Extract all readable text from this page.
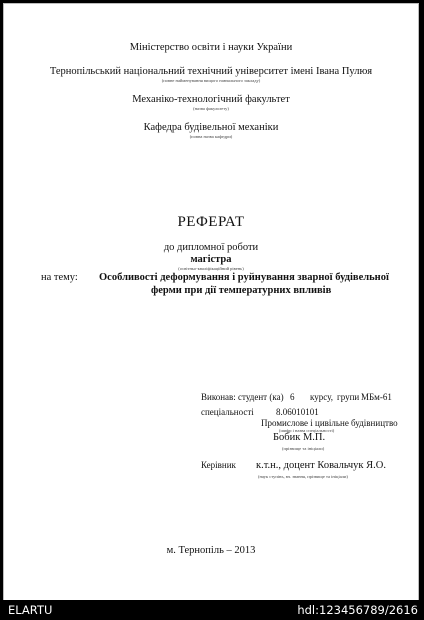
Міністерство освіти і науки України
Тернопільський національний технічний університет імені Івана Пулюя
(повне найменування вищого навчального закладу)
Механіко-технологічний факультет
(назва факультету)
Кафедра будівельної механіки
(повна назва кафедри)
РЕФЕРАТ
до дипломної роботи
магістра
(освітньо-кваліфікаційний рівень)
на тему: Особливості деформування і руйнування зварної будівельної
ферми при дії температурних впливів
Виконав: студент (ка) 6 курсу, групи МБм-61
спеціальності 8.06010101
Промислове і цивільне будівництво
(шифр і назва спеціальності)
Бобик М.П.
(прізвище та ініціали)
Керівник к.т.н., доцент Ковальчук Я.О.
(наук ступінь, вч. звання, прізвище та ініціали)
м. Тернопіль – 2013
ELARTU	hdl:123456789/2616
